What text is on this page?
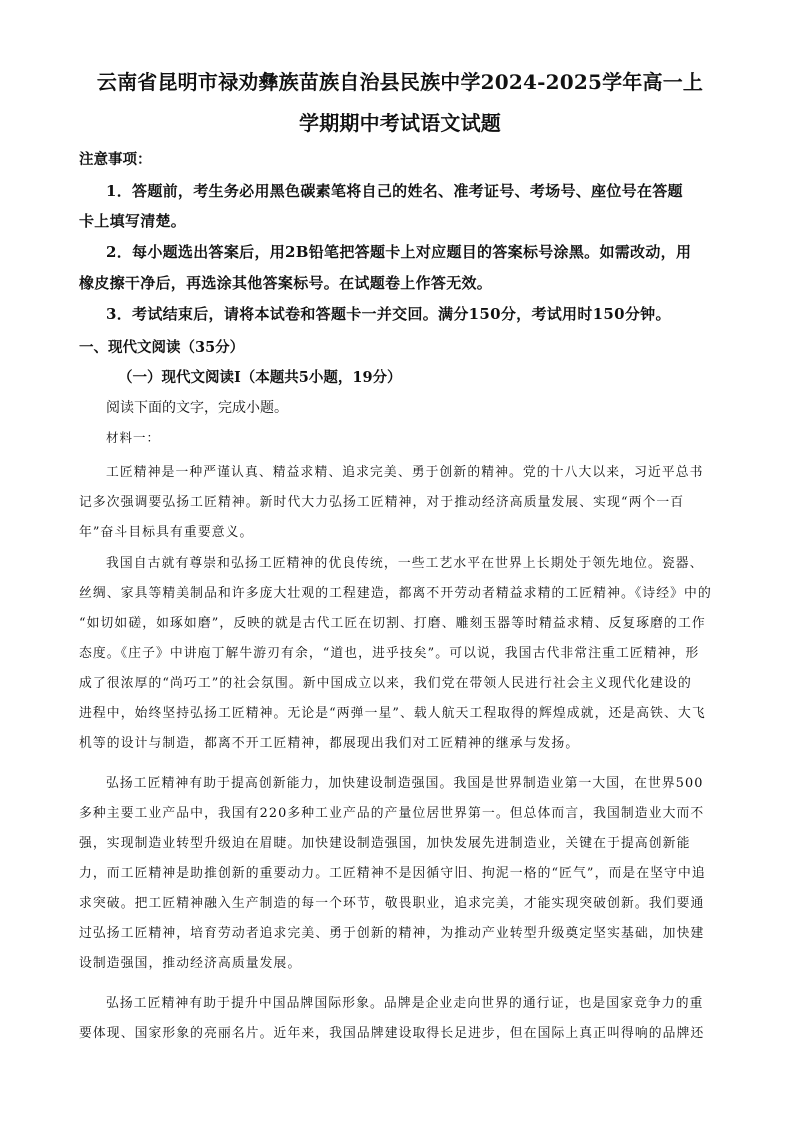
云南省昆明市禄劝彝族苗族自治县民族中学2024-2025学年高一上
学期期中考试语文试题
注意事项：
1．答题前，考生务必用黑色碳素笔将自己的姓名、准考证号、考场号、座位号在答题
卡上填写清楚。
2．每小题选出答案后，用2B铅笔把答题卡上对应题目的答案标号涂黑。如需改动，用
橡皮擦干净后，再选涂其他答案标号。在试题卷上作答无效。
3．考试结束后，请将本试卷和答题卡一并交回。满分150分，考试用时150分钟。
一、现代文阅读（35分）
（一）现代文阅读Ⅰ（本题共5小题，19分）
阅读下面的文字，完成小题。
材料一：
工匠精神是一种严谨认真、精益求精、追求完美、勇于创新的精神。党的十八大以来，习近平总书
记多次强调要弘扬工匠精神。新时代大力弘扬工匠精神，对于推动经济高质量发展、实现“两个一百
年”奋斗目标具有重要意义。
我国自古就有尊崇和弘扬工匠精神的优良传统，一些工艺水平在世界上长期处于领先地位。瓷器、
丝绸、家具等精美制品和许多庞大壮观的工程建造，都离不开劳动者精益求精的工匠精神。《诗经》中的
“如切如磋，如琢如磨”，反映的就是古代工匠在切割、打磨、雕刻玉器等时精益求精、反复琢磨的工作
态度。《庄子》中讲庖丁解牛游刃有余，“道也，进乎技矣”。可以说，我国古代非常注重工匠精神，形
成了很浓厚的“尚巧工”的社会氛围。新中国成立以来，我们党在带领人民进行社会主义现代化建设的
进程中，始终坚持弘扬工匠精神。无论是“两弹一星”、载人航天工程取得的辉煌成就，还是高铁、大飞
机等的设计与制造，都离不开工匠精神，都展现出我们对工匠精神的继承与发扬。
弘扬工匠精神有助于提高创新能力，加快建设制造强国。我国是世界制造业第一大国，在世界500
多种主要工业产品中，我国有220多种工业产品的产量位居世界第一。但总体而言，我国制造业大而不
强，实现制造业转型升级迫在眉睫。加快建设制造强国，加快发展先进制造业，关键在于提高创新能
力，而工匠精神是助推创新的重要动力。工匠精神不是因循守旧、拘泥一格的“匠气”，而是在坚守中追
求突破。把工匠精神融入生产制造的每一个环节，敬畏职业，追求完美，才能实现突破创新。我们要通
过弘扬工匠精神，培育劳动者追求完美、勇于创新的精神，为推动产业转型升级奠定坚实基础，加快建
设制造强国，推动经济高质量发展。
弘扬工匠精神有助于提升中国品牌国际形象。品牌是企业走向世界的通行证，也是国家竞争力的重
要体现、国家形象的亮丽名片。近年来，我国品牌建设取得长足进步，但在国际上真正叫得响的品牌还
